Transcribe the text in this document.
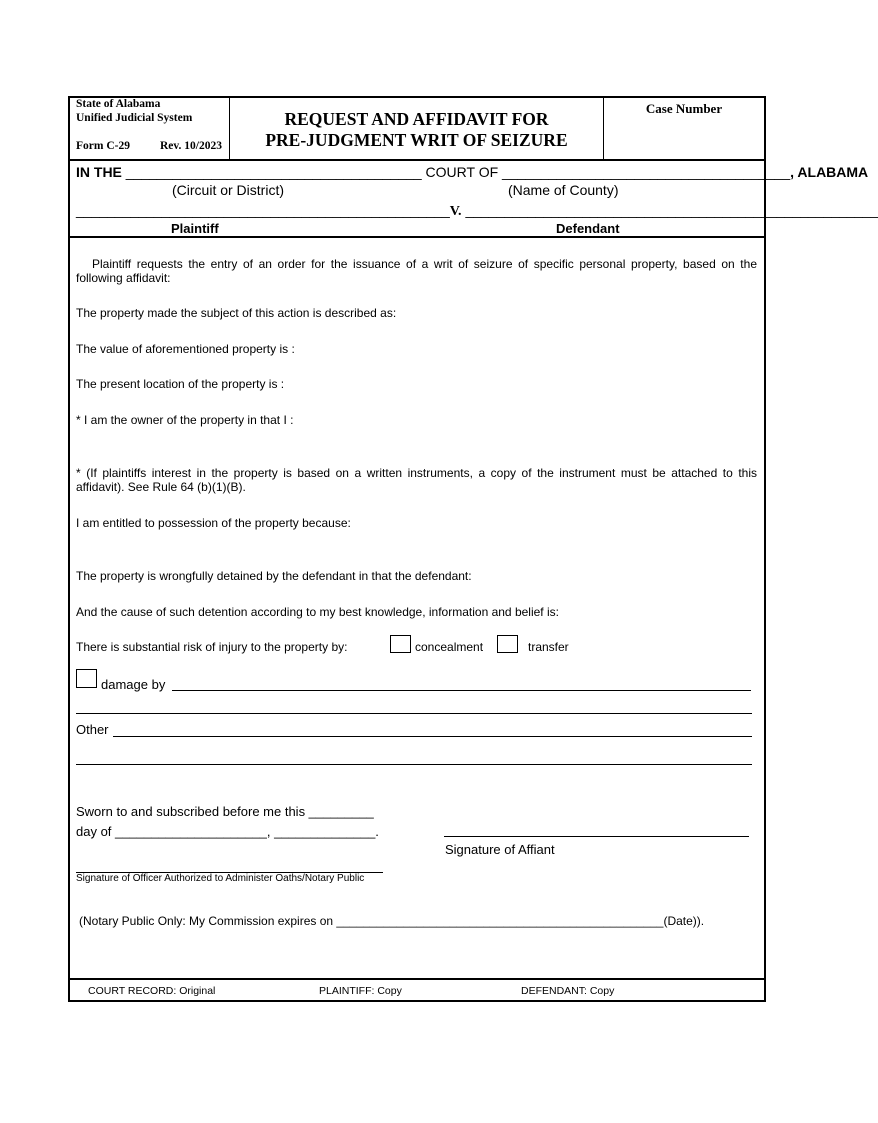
State of Alabama
Unified Judicial System
Form C-29	Rev. 10/2023
REQUEST AND AFFIDAVIT FOR
PRE-JUDGMENT WRIT OF SEIZURE
Case Number
IN THE ______________________________________ COURT OF _____________________________________, ALABAMA
(Circuit or District)	(Name of County)
________________________________________________V. _____________________________________________________
Plaintiff	Defendant
Plaintiff requests the entry of an order for the issuance of a writ of seizure of specific personal property, based on the following affidavit:
The property made the subject of this action is described as:
The value of aforementioned property is :
The present location of the property is :
* I am the owner of the property in that I :
* (If plaintiffs interest in the property is based on a written instruments, a copy of the instrument must be attached to this affidavit). See Rule 64 (b)(1)(B).
I am entitled to possession of the property because:
The property is wrongfully detained by the defendant in that the defendant:
And the cause of such detention according to my best knowledge, information and belief is:
There is substantial risk of injury to the property by:	concealment	transfer
damage by
Other
Sworn to and subscribed before me this _________
day of _____________________, ______________.
Signature of Affiant
Signature of Officer Authorized to Administer Oaths/Notary Public
(Notary Public Only: My Commission expires on _________________________________________________(Date)).
COURT RECORD: Original	PLAINTIFF: Copy	DEFENDANT: Copy
